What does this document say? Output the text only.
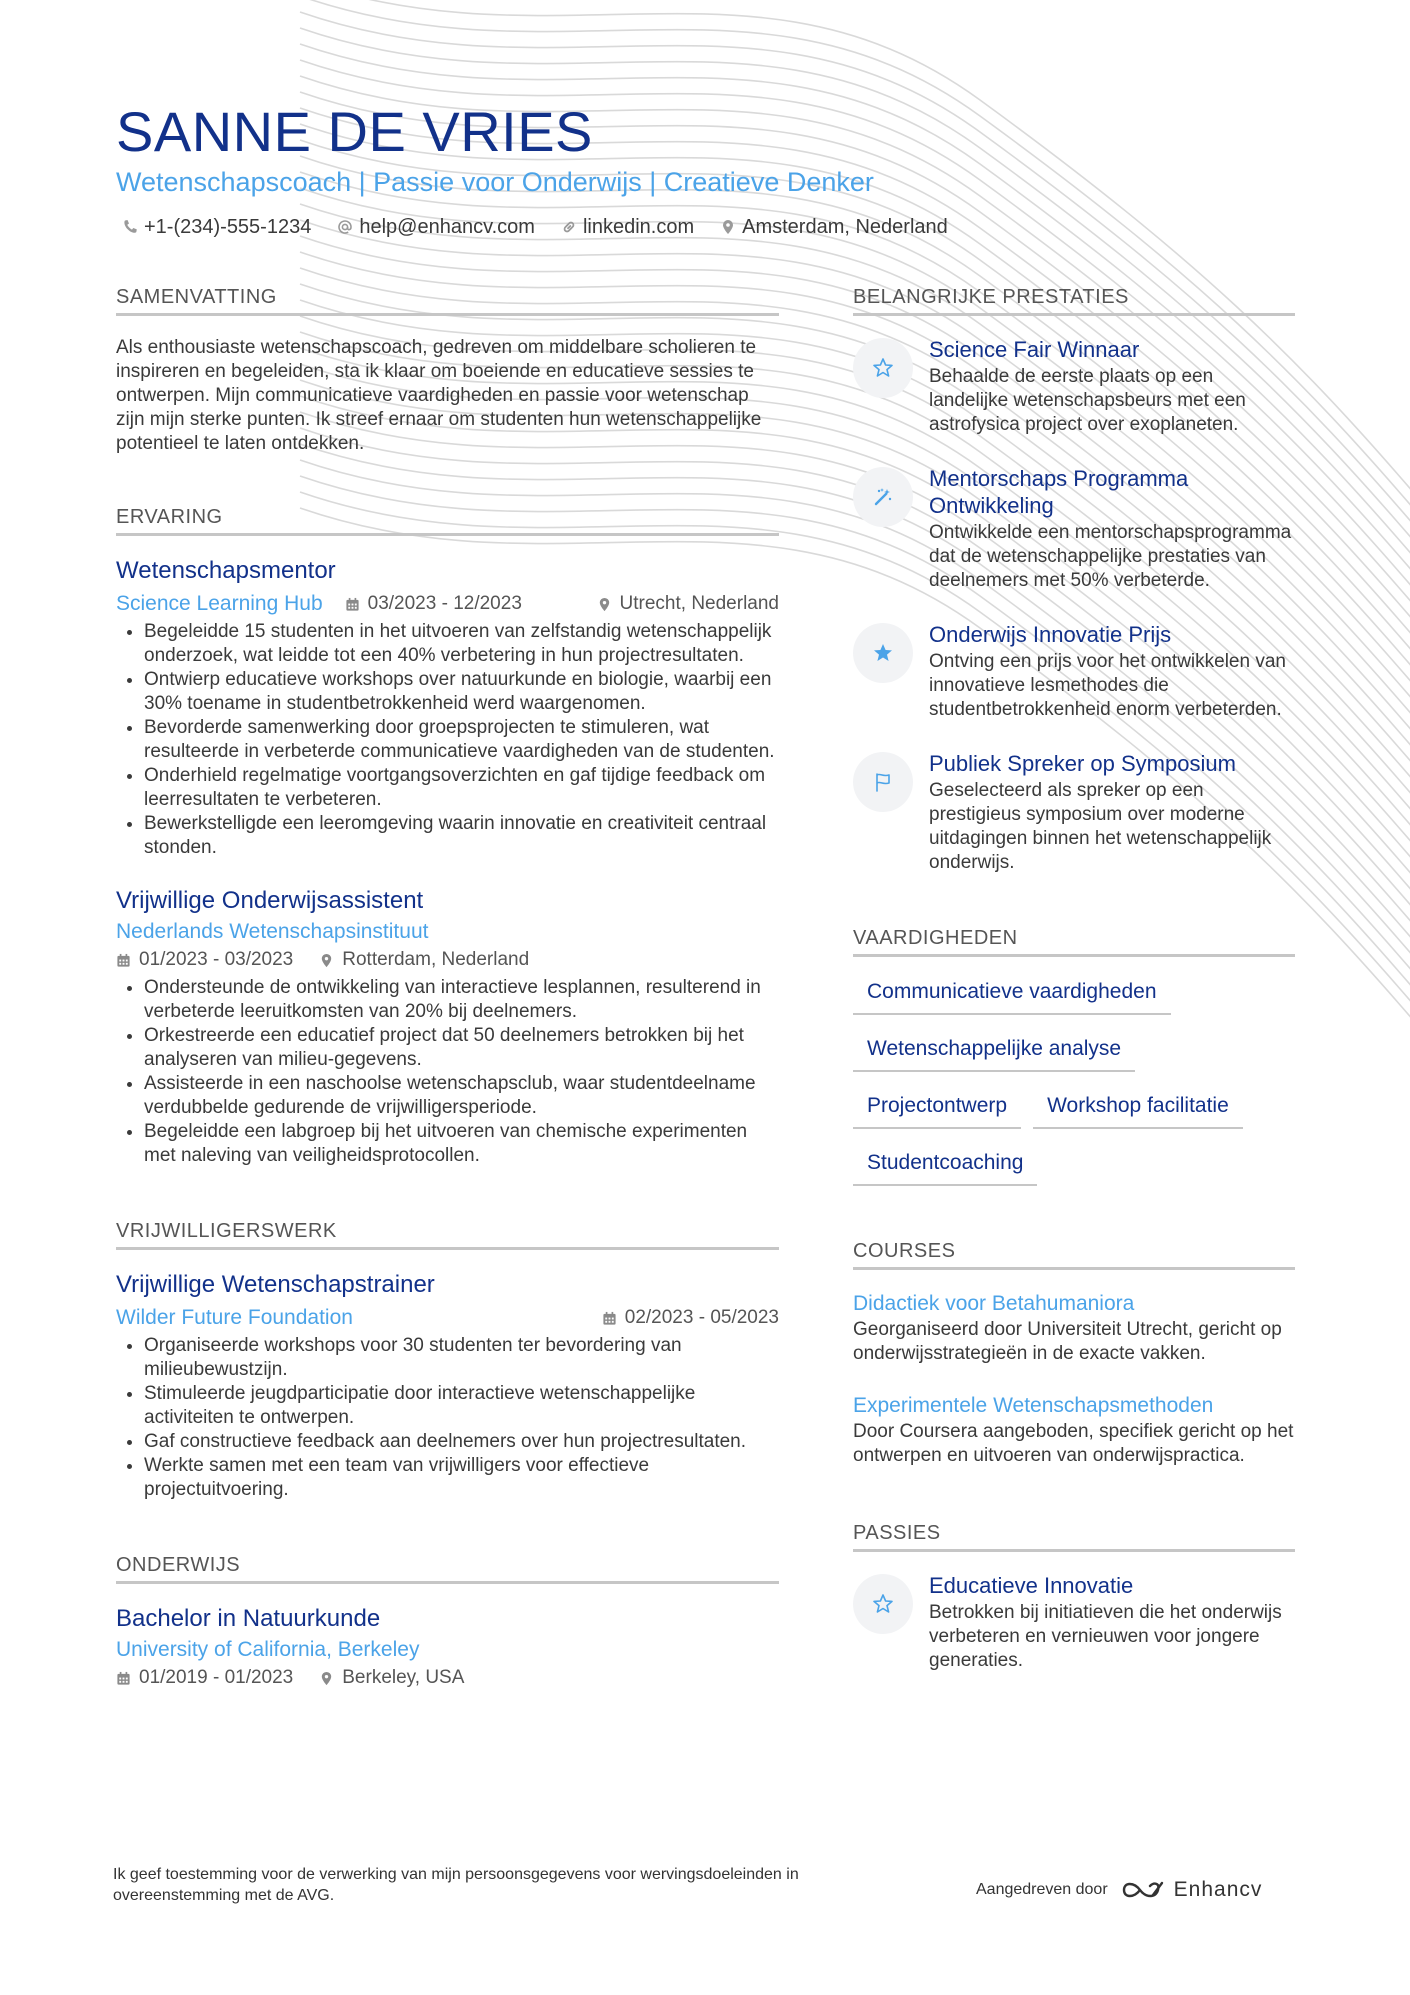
SANNE DE VRIES
Wetenschapscoach | Passie voor Onderwijs | Creatieve Denker
+1-(234)-555-1234 help@enhancv.com linkedin.com Amsterdam, Nederland
SAMENVATTING
Als enthousiaste wetenschapscoach, gedreven om middelbare scholieren te inspireren en begeleiden, sta ik klaar om boeiende en educatieve sessies te ontwerpen. Mijn communicatieve vaardigheden en passie voor wetenschap zijn mijn sterke punten. Ik streef ernaar om studenten hun wetenschappelijke potentieel te laten ontdekken.
ERVARING
Wetenschapsmentor
Science Learning Hub 03/2023 - 12/2023	Utrecht, Nederland
• Begeleidde 15 studenten in het uitvoeren van zelfstandig wetenschappelijk onderzoek, wat leidde tot een 40% verbetering in hun projectresultaten.
• Ontwierp educatieve workshops over natuurkunde en biologie, waarbij een 30% toename in studentbetrokkenheid werd waargenomen.
• Bevorderde samenwerking door groepsprojecten te stimuleren, wat resulteerde in verbeterde communicatieve vaardigheden van de studenten.
• Onderhield regelmatige voortgangsoverzichten en gaf tijdige feedback om leerresultaten te verbeteren.
• Bewerkstelligde een leeromgeving waarin innovatie en creativiteit centraal stonden.
Vrijwillige Onderwijsassistent
Nederlands Wetenschapsinstituut
01/2023 - 03/2023	Rotterdam, Nederland
• Ondersteunde de ontwikkeling van interactieve lesplannen, resulterend in verbeterde leeruitkomsten van 20% bij deelnemers.
• Orkestreerde een educatief project dat 50 deelnemers betrokken bij het analyseren van milieu-gegevens.
• Assisteerde in een naschoolse wetenschapsclub, waar studentdeelname verdubbelde gedurende de vrijwilligersperiode.
• Begeleidde een labgroep bij het uitvoeren van chemische experimenten met naleving van veiligheidsprotocollen.
VRIJWILLIGERSWERK
Vrijwillige Wetenschapstrainer
Wilder Future Foundation	02/2023 - 05/2023
• Organiseerde workshops voor 30 studenten ter bevordering van milieubewustzijn.
• Stimuleerde jeugdparticipatie door interactieve wetenschappelijke activiteiten te ontwerpen.
• Gaf constructieve feedback aan deelnemers over hun projectresultaten.
• Werkte samen met een team van vrijwilligers voor effectieve projectuitvoering.
ONDERWIJS
Bachelor in Natuurkunde
University of California, Berkeley
01/2019 - 01/2023	Berkeley, USA
BELANGRIJKE PRESTATIES
Science Fair Winnaar
Behaalde de eerste plaats op een landelijke wetenschapsbeurs met een astrofysica project over exoplaneten.
Mentorschaps Programma Ontwikkeling
Ontwikkelde een mentorschapsprogramma dat de wetenschappelijke prestaties van deelnemers met 50% verbeterde.
Onderwijs Innovatie Prijs
Ontving een prijs voor het ontwikkelen van innovatieve lesmethodes die studentbetrokkenheid enorm verbeterden.
Publiek Spreker op Symposium
Geselecteerd als spreker op een prestigieus symposium over moderne uitdagingen binnen het wetenschappelijk onderwijs.
VAARDIGHEDEN
Communicatieve vaardigheden
Wetenschappelijke analyse
Projectontwerp	Workshop facilitatie
Studentcoaching
COURSES
Didactiek voor Betahumaniora
Georganiseerd door Universiteit Utrecht, gericht op onderwijsstrategieën in de exacte vakken.
Experimentele Wetenschapsmethoden
Door Coursera aangeboden, specifiek gericht op het ontwerpen en uitvoeren van onderwijspractica.
PASSIES
Educatieve Innovatie
Betrokken bij initiatieven die het onderwijs verbeteren en vernieuwen voor jongere generaties.
Ik geef toestemming voor de verwerking van mijn persoonsgegevens voor wervingsdoeleinden in overeenstemming met de AVG.	Aangedreven door	Enhancv
